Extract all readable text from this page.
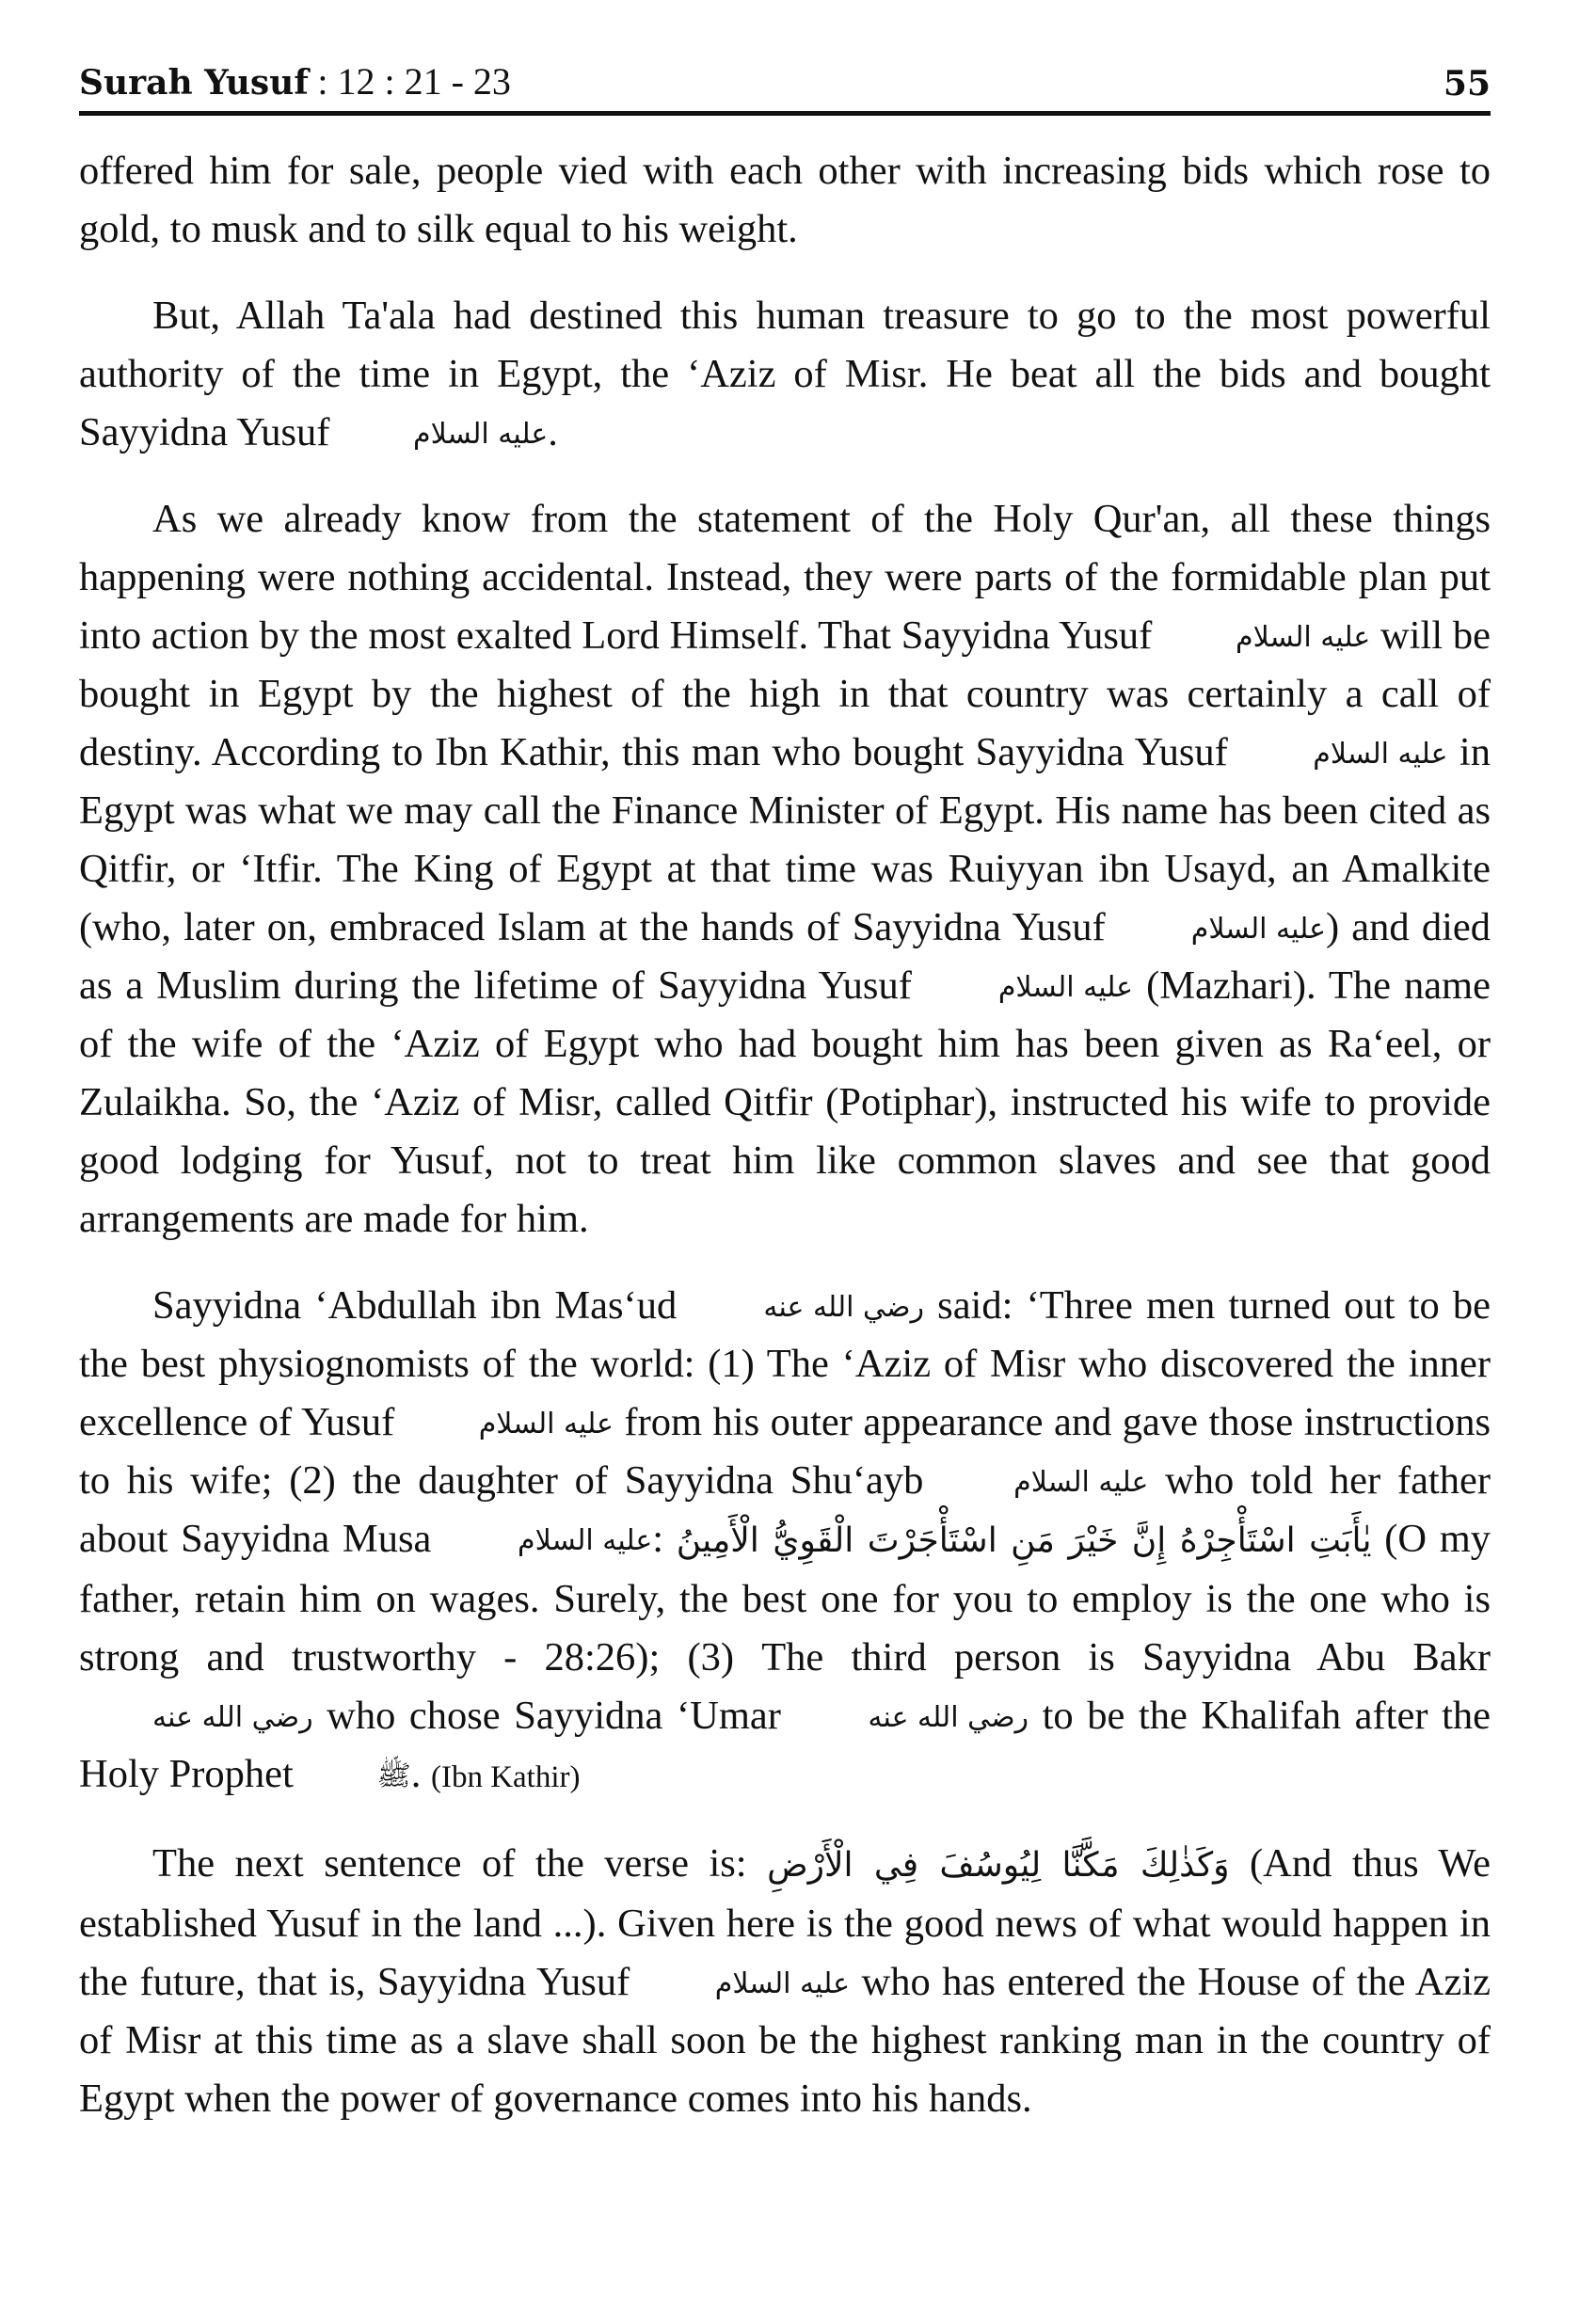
Surah Yusuf : 12 : 21 - 23	55

offered him for sale, people vied with each other with increasing bids which rose to gold, to musk and to silk equal to his weight.

But, Allah Ta'ala had destined this human treasure to go to the most powerful authority of the time in Egypt, the ‘Aziz of Misr. He beat all the bids and bought Sayyidna Yusuf	عليه السلام.

As we already know from the statement of the Holy Qur'an, all these things happening were nothing accidental. Instead, they were parts of the formidable plan put into action by the most exalted Lord Himself. That Sayyidna Yusuf	عليه السلام will be bought in Egypt by the highest of the high in that country was certainly a call of destiny. According to Ibn Kathir, this man who bought Sayyidna Yusuf	عليه السلام in Egypt was what we may call the Finance Minister of Egypt. His name has been cited as Qitfir, or ‘Itfir. The King of Egypt at that time was Ruiyyan ibn Usayd, an Amalkite (who, later on, embraced Islam at the hands of Sayyidna Yusuf	عليه السلام) and died as a Muslim during the lifetime of Sayyidna Yusuf	عليه السلام (Mazhari). The name of the wife of the ‘Aziz of Egypt who had bought him has been given as Ra‘eel, or Zulaikha. So, the ‘Aziz of Misr, called Qitfir (Potiphar), instructed his wife to provide good lodging for Yusuf, not to treat him like common slaves and see that good arrangements are made for him.

Sayyidna ‘Abdullah ibn Mas‘ud	رضي الله عنه said: ‘Three men turned out to be the best physiognomists of the world: (1) The ‘Aziz of Misr who discovered the inner excellence of Yusuf	عليه السلام from his outer appearance and gave those instructions to his wife; (2) the daughter of Sayyidna Shu‘ayb	عليه السلام who told her father about Sayyidna Musa	عليه السلام: يٰأَبَتِ اسْتَأْجِرْهُ إِنَّ خَيْرَ مَنِ اسْتَأْجَرْتَ الْقَوِيُّ الْأَمِينُ (O my father, retain him on wages. Surely, the best one for you to employ is the one who is strong and trustworthy - 28:26); (3) The third person is Sayyidna Abu Bakr رضي الله عنه who chose Sayyidna ‘Umar	رضي الله عنه to be the Khalifah after the Holy Prophet	ﷺ. (Ibn Kathir)

The next sentence of the verse is: وَكَذٰلِكَ مَكَّنَّا لِيُوسُفَ فِي الْأَرْضِ (And thus We established Yusuf in the land ...). Given here is the good news of what would happen in the future, that is, Sayyidna Yusuf	عليه السلام who has entered the House of the Aziz of Misr at this time as a slave shall soon be the highest ranking man in the country of Egypt when the power of governance comes into his hands.
